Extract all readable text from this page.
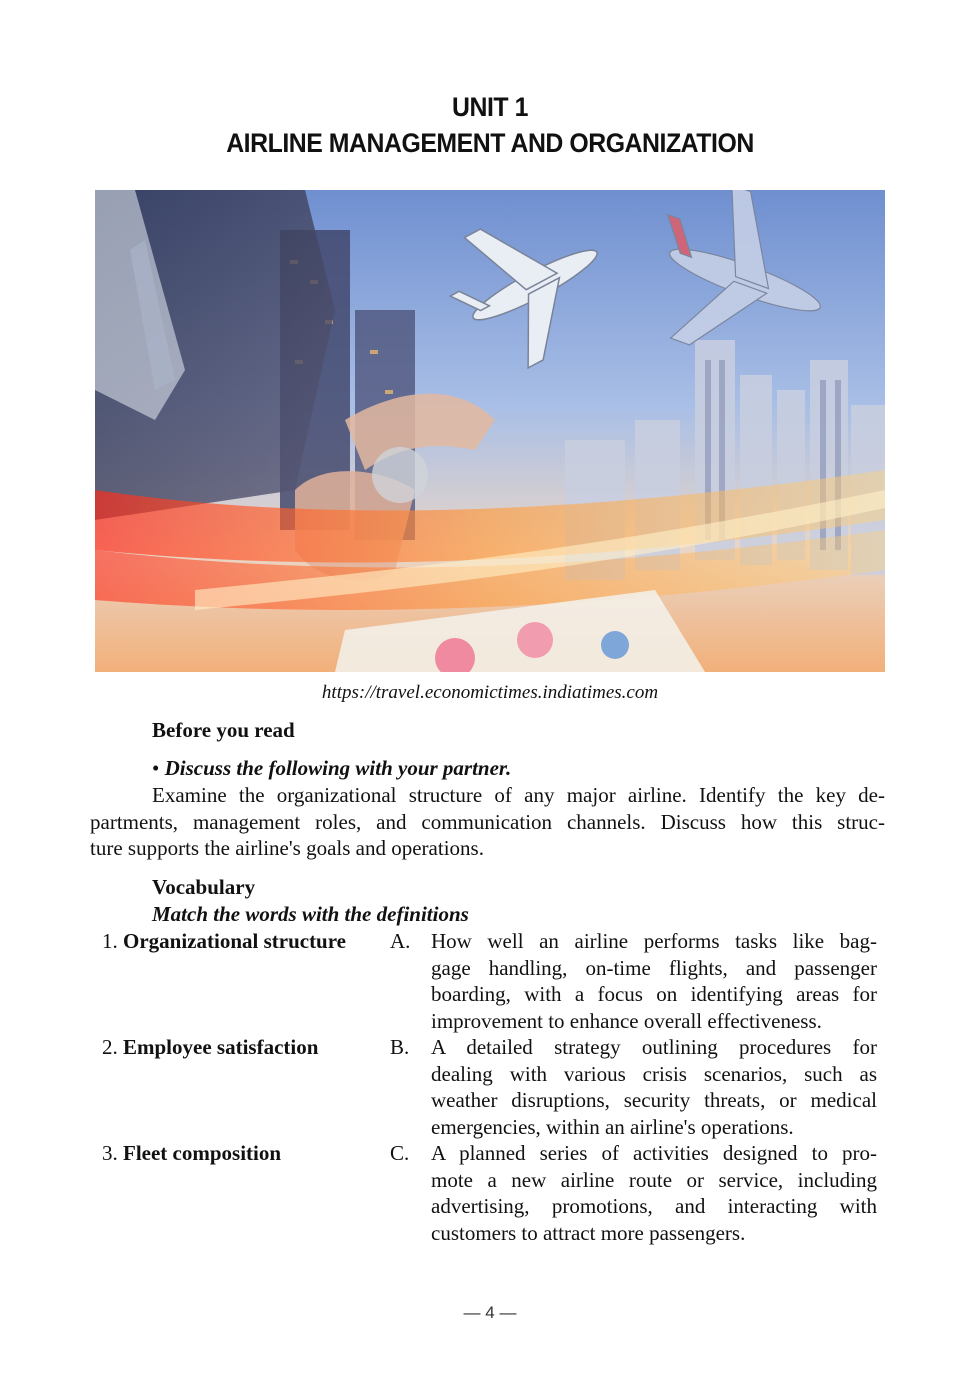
UNIT 1
AIRLINE MANAGEMENT AND ORGANIZATION
https://travel.economictimes.indiatimes.com
Before you read
• Discuss the following with your partner.

Examine the organizational structure of any major airline. Identify the key de-

partments, management roles, and communication channels. Discuss how this struc-

ture supports the airline's goals and operations.

Vocabulary
Match the words with the definitions
1. Organizational structure	A. How well an airline performs tasks like bag-
gage handling, on-time flights, and passenger
boarding, with a focus on identifying areas for
improvement to enhance overall effectiveness.
2. Employee satisfaction	B.	A detailed strategy outlining procedures for
dealing with various crisis scenarios, such as
weather disruptions, security threats, or medical
emergencies, within an airline's operations.
3. Fleet composition	C.	A planned series of activities designed to pro-
mote a new airline route or service, including
advertising, promotions, and interacting with
customers to attract more passengers.
— 4 —
